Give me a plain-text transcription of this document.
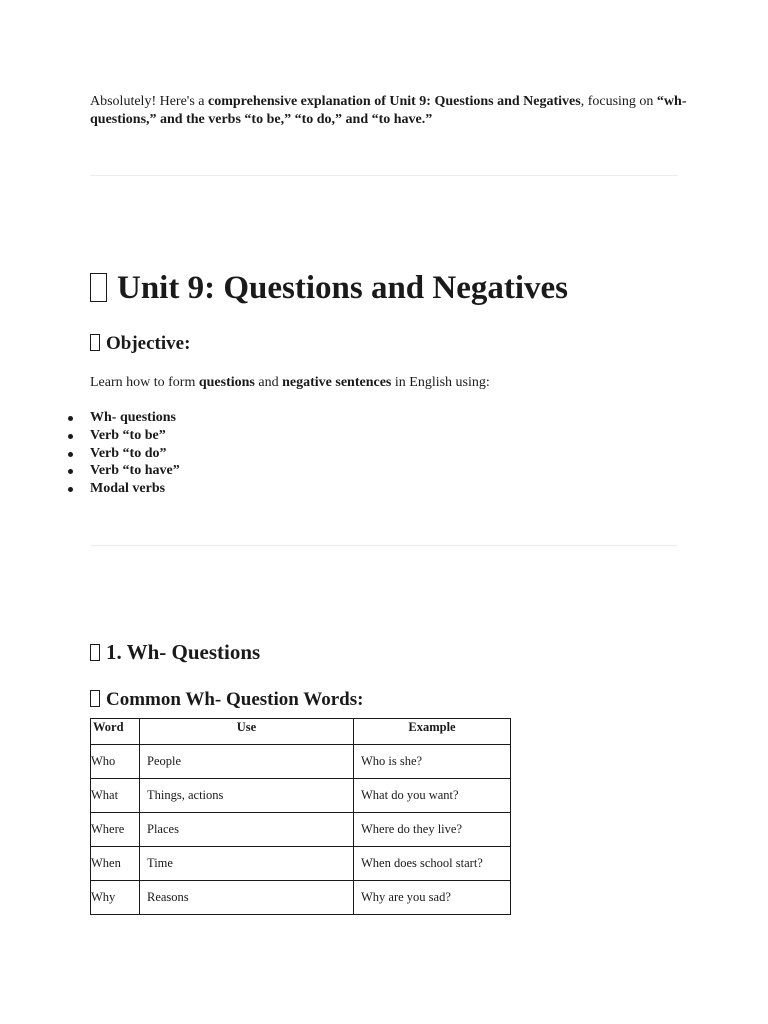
Absolutely! Here's a comprehensive explanation of Unit 9: Questions and Negatives, focusing on “wh- questions,” and the verbs “to be,” “to do,” and “to have.”
Unit 9: Questions and Negatives
Objective:
Learn how to form questions and negative sentences in English using:
Wh- questions
Verb “to be”
Verb “to do”
Verb “to have”
Modal verbs
1. Wh- Questions
Common Wh- Question Words:
Word	Use	Example
Who	People	Who is she?
What	Things, actions	What do you want?
Where	Places	Where do they live?
When	Time	When does school start?
Why	Reasons	Why are you sad?
